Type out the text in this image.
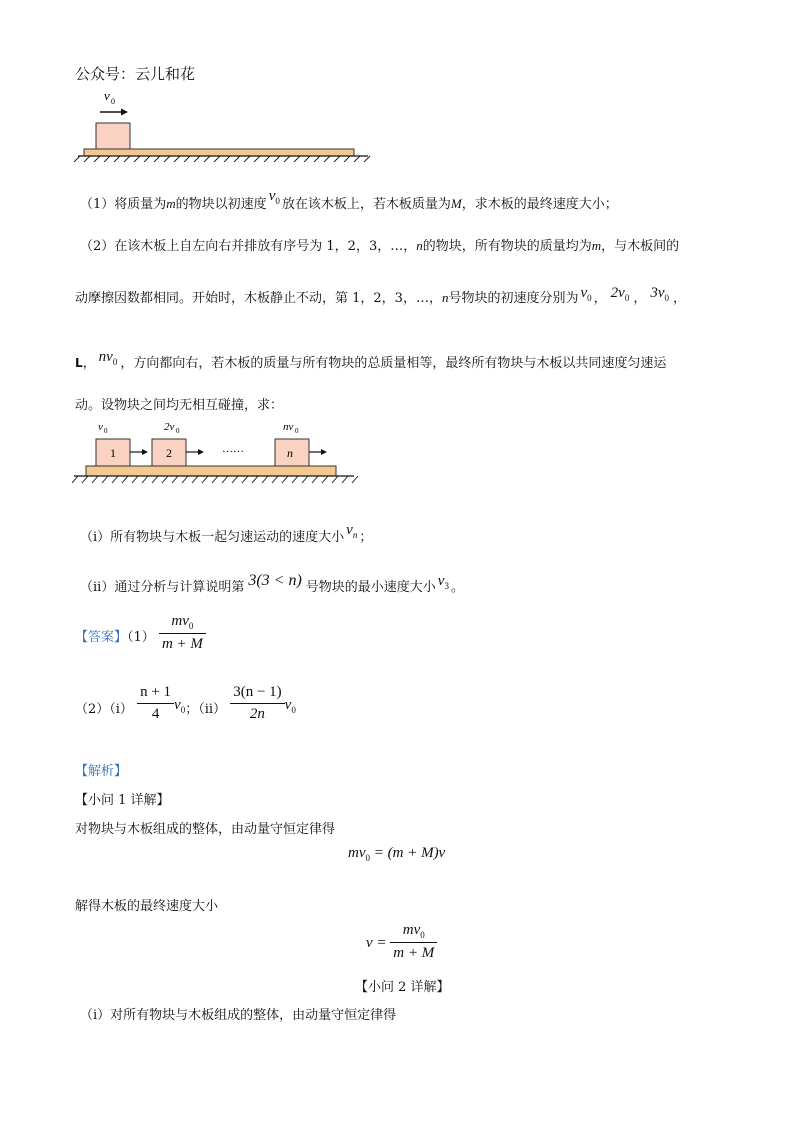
公众号：云儿和花
v 0
（1）将质量为m的物块以初速度$v_0$ 放在该木板上，若木板质量为M，求木板的最终速度大小；
（2）在该木板上自左向右并排放有序号为 1，2，3，…，n的物块，所有物块的质量均为m，与木板间的
动摩擦因数都相同。开始时，木板静止不动，第 1，2，3，…，n号物块的初速度分别为 $v_0$ ， $2v_0$ ， $3v_0$ ，
L， $nv_0$ ，方向都向右，若木板的质量与所有物块的总质量相等，最终所有物块与木板以共同速度匀速运
动。设物块之间均无相互碰撞，求：
v 0	2v 0	nv 0
1	2	……	n
（i）所有物块与木板一起匀速运动的速度大小 $v_n$ ；
（ii）通过分析与计算说明第 3(3 < n) 号物块的最小速度大小 $v_3$ 。
【答案】$(1) \frac{mv_0}{m + M}$
$(2)(i) \frac{n + 1}{4} v_0$；$(ii) \frac{3(n - 1)}{2n} v_0$
【解析】
【小问 1 详解】
对物块与木板组成的整体，由动量守恒定律得
$mv_0 = (m + M)v$
解得木板的最终速度大小
$v = \frac{mv_0}{m + M}$
【小问 2 详解】
（i）对所有物块与木板组成的整体，由动量守恒定律得
